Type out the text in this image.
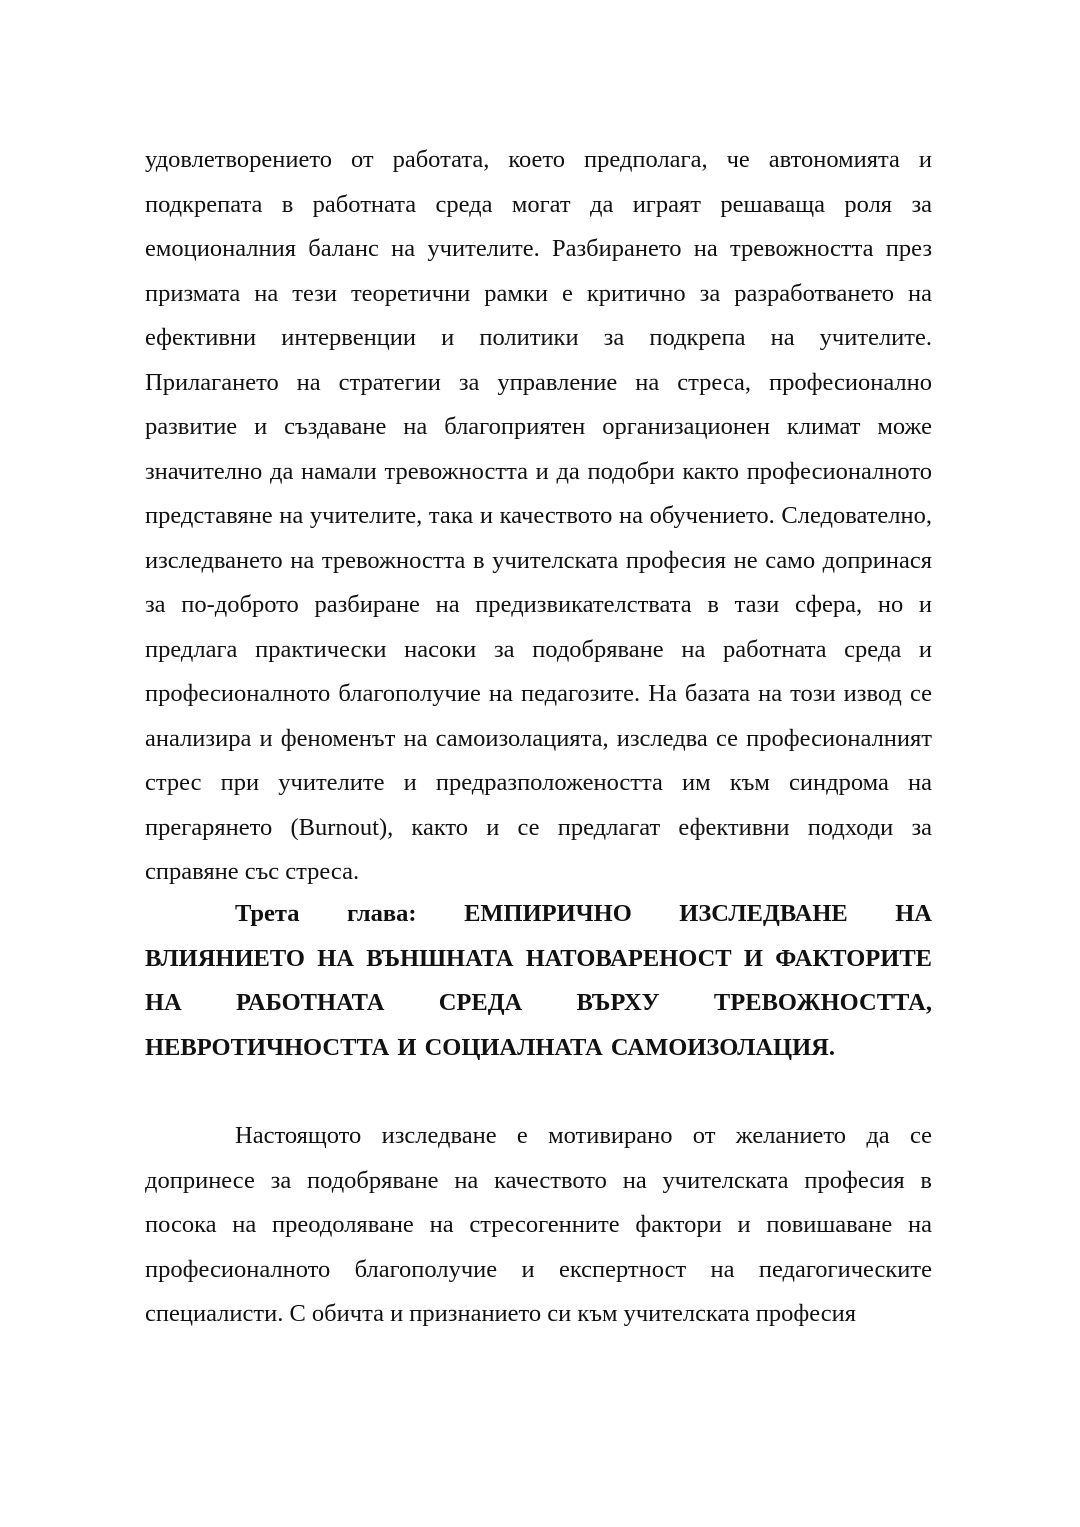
удовлетворението от работата, което предполага, че автономията и подкрепата в работната среда могат да играят решаваща роля за емоционалния баланс на учителите. Разбирането на тревожността през призмата на тези теоретични рамки е критично за разработването на ефективни интервенции и политики за подкрепа на учителите. Прилагането на стратегии за управление на стреса, професионално развитие и създаване на благоприятен организационен климат може значително да намали тревожността и да подобри както професионалното представяне на учителите, така и качеството на обучението. Следователно, изследването на тревожността в учителската професия не само допринася за по-доброто разбиране на предизвикателствата в тази сфера, но и предлага практически насоки за подобряване на работната среда и професионалното благополучие на педагозите. На базата на този извод се анализира и феноменът на самоизолацията, изследва се професионалният стрес при учителите и предразположеността им към синдрома на прегарянето (Burnout), както и се предлагат ефективни подходи за справяне със стреса.

Трета глава: ЕМПИРИЧНО ИЗСЛЕДВАНЕ НА ВЛИЯНИЕТО НА ВЪНШНАТА НАТОВАРЕНОСТ И ФАКТОРИТЕ НА РАБОТНАТА СРЕДА ВЪРХУ ТРЕВОЖНОСТТА, НЕВРОТИЧНОСТТА И СОЦИАЛНАТА САМОИЗОЛАЦИЯ.

Настоящото изследване е мотивирано от желанието да се допринесе за подобряване на качеството на учителската професия в посока на преодоляване на стресогенните фактори и повишаване на професионалното благополучие и експертност на педагогическите специалисти. С обичта и признанието си към учителската професия
